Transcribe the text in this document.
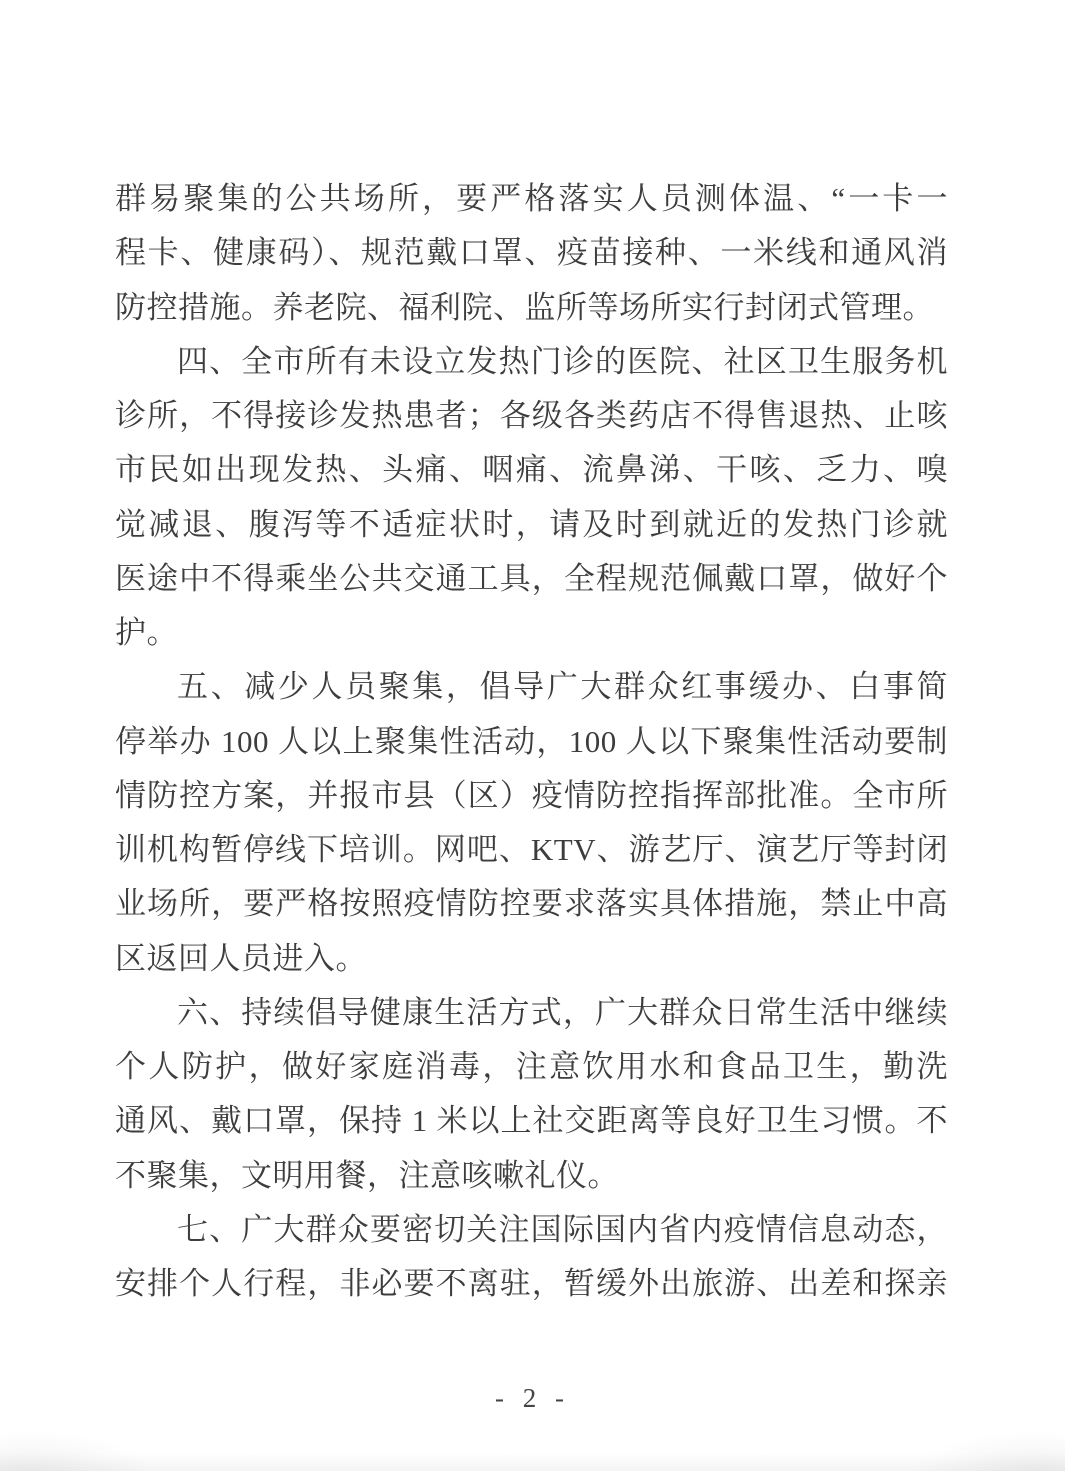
群易聚集的公共场所，要严格落实人员测体温、“一卡一
程卡、健康码）、规范戴口罩、疫苗接种、一米线和通风消
防控措施。养老院、福利院、监所等场所实行封闭式管理。
四、全市所有未设立发热门诊的医院、社区卫生服务机
诊所，不得接诊发热患者；各级各类药店不得售退热、止咳
市民如出现发热、头痛、咽痛、流鼻涕、干咳、乏力、嗅
觉减退、腹泻等不适症状时，请及时到就近的发热门诊就
医途中不得乘坐公共交通工具，全程规范佩戴口罩，做好个
护。
五、减少人员聚集，倡导广大群众红事缓办、白事简
停举办 100 人以上聚集性活动，100 人以下聚集性活动要制
情防控方案，并报市县（区）疫情防控指挥部批准。全市所
训机构暂停线下培训。网吧、KTV、游艺厅、演艺厅等封闭
业场所，要严格按照疫情防控要求落实具体措施，禁止中高
区返回人员进入。
六、持续倡导健康生活方式，广大群众日常生活中继续
个人防护，做好家庭消毒，注意饮用水和食品卫生，勤洗
通风、戴口罩，保持 1 米以上社交距离等良好卫生习惯。不
不聚集，文明用餐，注意咳嗽礼仪。
七、广大群众要密切关注国际国内省内疫情信息动态，
安排个人行程，非必要不离驻，暂缓外出旅游、出差和探亲
- 2 -
